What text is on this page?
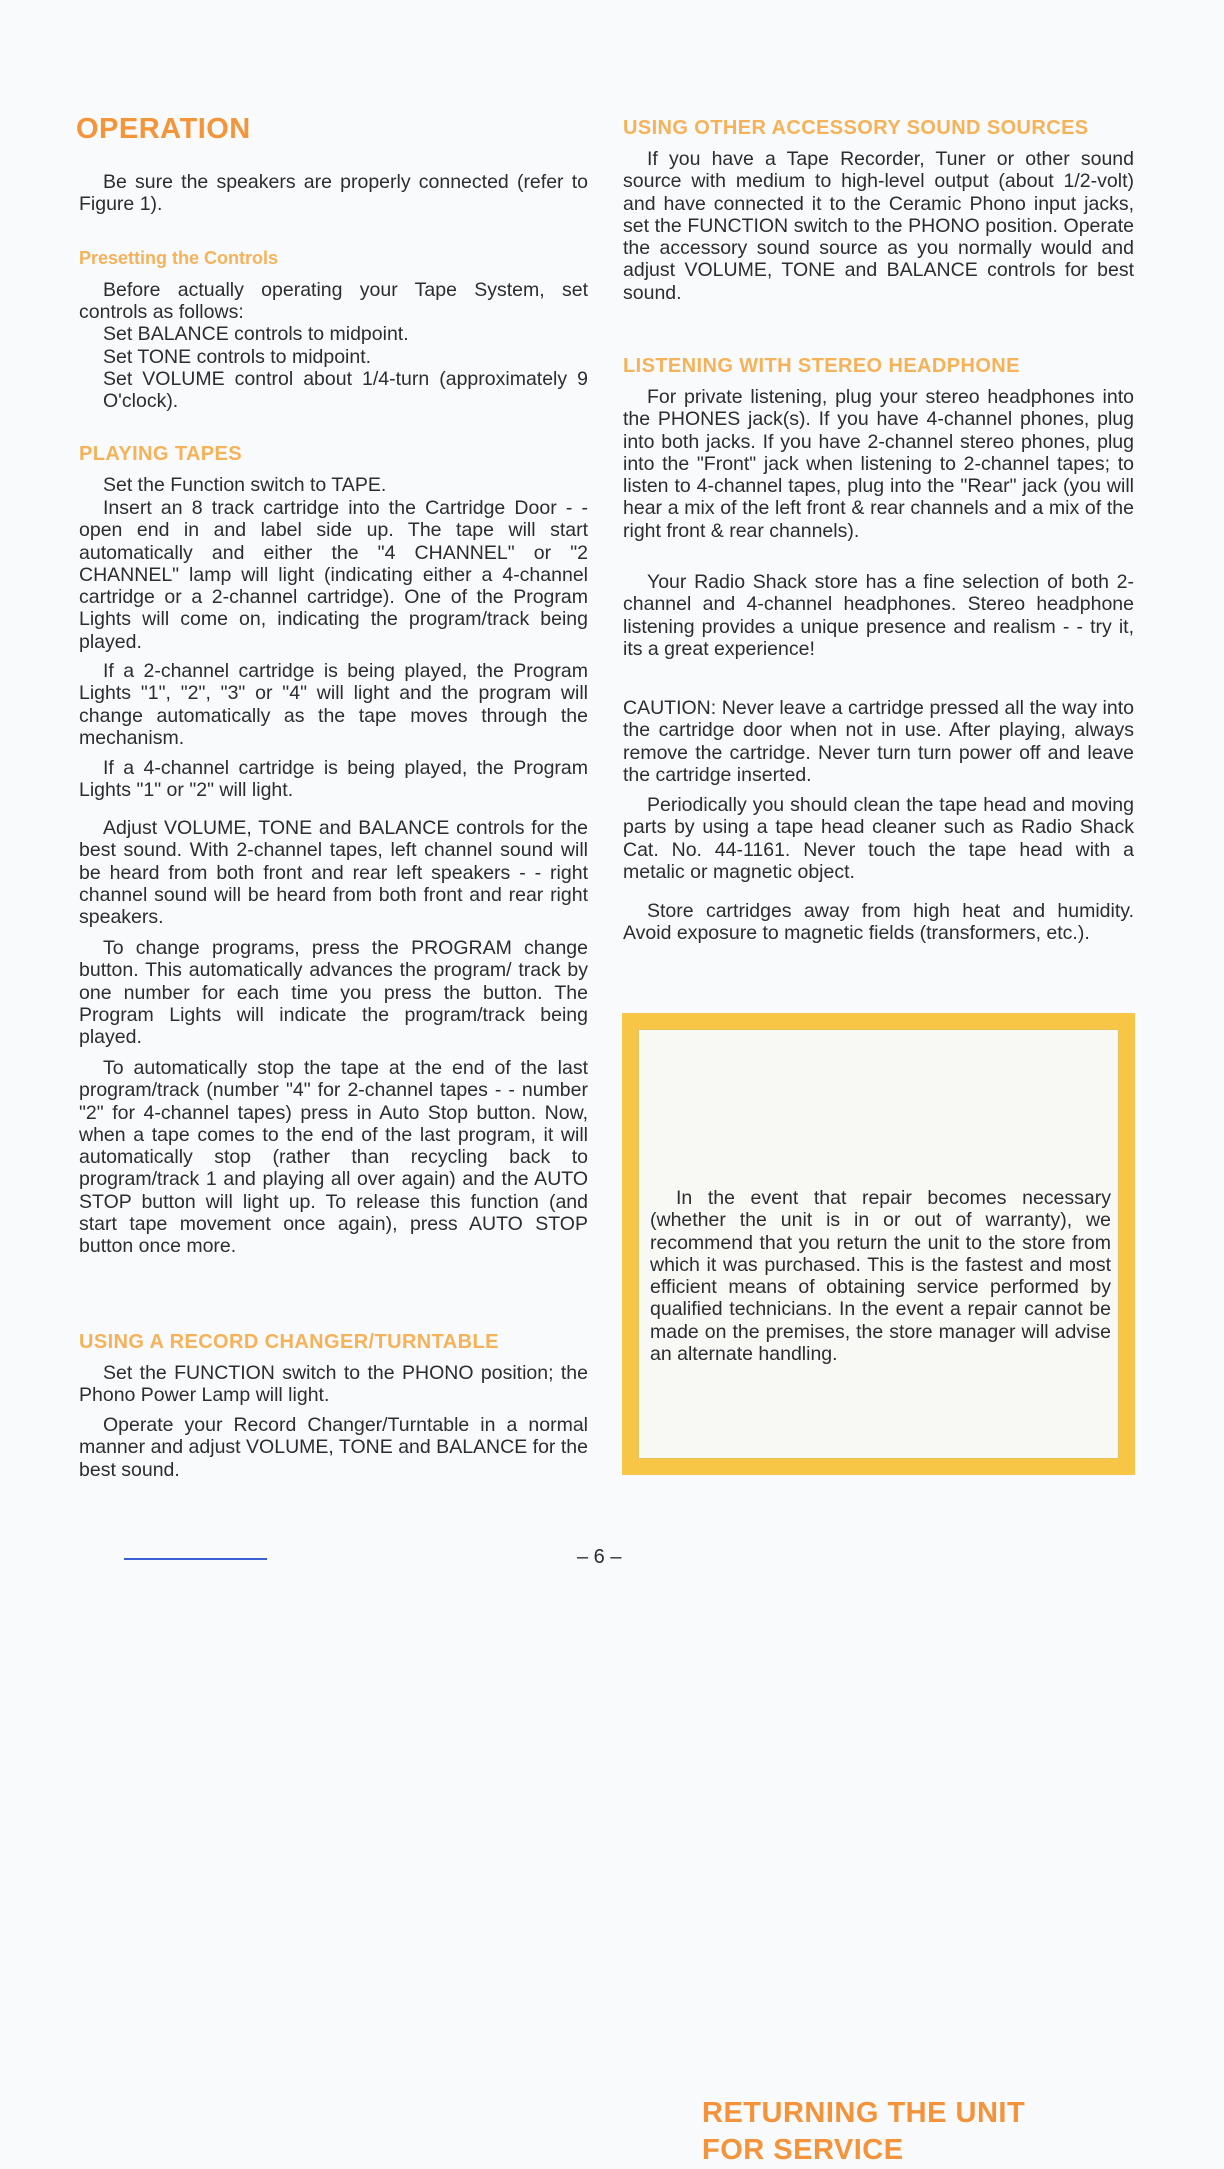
OPERATION

Be sure the speakers are properly connected (refer to Figure 1).

Presetting the Controls

Before actually operating your Tape System, set controls as follows:

Set BALANCE controls to midpoint.

Set TONE controls to midpoint.

Set VOLUME control about 1/4-turn (approximately 9 O'clock).

PLAYING TAPES

Set the Function switch to TAPE.

Insert an 8 track cartridge into the Cartridge Door - - open end in and label side up. The tape will start automatically and either the "4 CHANNEL" or "2 CHANNEL" lamp will light (indicating either a 4-channel cartridge or a 2-channel cartridge). One of the Program Lights will come on, indicating the program/track being played.

If a 2-channel cartridge is being played, the Program Lights "1", "2", "3" or "4" will light and the program will change automatically as the tape moves through the mechanism.

If a 4-channel cartridge is being played, the Program Lights "1" or "2" will light.

Adjust VOLUME, TONE and BALANCE controls for the best sound. With 2-channel tapes, left channel sound will be heard from both front and rear left speakers - - right channel sound will be heard from both front and rear right speakers.

To change programs, press the PROGRAM change button. This automatically advances the program/ track by one number for each time you press the button. The Program Lights will indicate the program/track being played.

To automatically stop the tape at the end of the last program/track (number "4" for 2-channel tapes - - number "2" for 4-channel tapes) press in Auto Stop button. Now, when a tape comes to the end of the last program, it will automatically stop (rather than recycling back to program/track 1 and playing all over again) and the AUTO STOP button will light up. To release this function (and start tape movement once again), press AUTO STOP button once more.

USING A RECORD CHANGER/TURNTABLE

Set the FUNCTION switch to the PHONO position; the Phono Power Lamp will light.

Operate your Record Changer/Turntable in a normal manner and adjust VOLUME, TONE and BALANCE for the best sound.

USING OTHER ACCESSORY SOUND SOURCES

If you have a Tape Recorder, Tuner or other sound source with medium to high-level output (about 1/2-volt) and have connected it to the Ceramic Phono input jacks, set the FUNCTION switch to the PHONO position. Operate the accessory sound source as you normally would and adjust VOLUME, TONE and BALANCE controls for best sound.

LISTENING WITH STEREO HEADPHONE

For private listening, plug your stereo headphones into the PHONES jack(s). If you have 4-channel phones, plug into both jacks. If you have 2-channel stereo phones, plug into the "Front" jack when listening to 2-channel tapes; to listen to 4-channel tapes, plug into the "Rear" jack (you will hear a mix of the left front & rear channels and a mix of the right front & rear channels).

Your Radio Shack store has a fine selection of both 2-channel and 4-channel headphones. Stereo headphone listening provides a unique presence and realism - - try it, its a great experience!

CAUTION: Never leave a cartridge pressed all the way into the cartridge door when not in use. After playing, always remove the cartridge. Never turn turn power off and leave the cartridge inserted.

Periodically you should clean the tape head and moving parts by using a tape head cleaner such as Radio Shack Cat. No. 44-1161. Never touch the tape head with a metalic or magnetic object.

Store cartridges away from high heat and humidity. Avoid exposure to magnetic fields (transformers, etc.).

RETURNING THE UNIT
FOR SERVICE

In the event that repair becomes necessary (whether the unit is in or out of warranty), we recommend that you return the unit to the store from which it was purchased. This is the fastest and most efficient means of obtaining service performed by qualified technicians. In the event a repair cannot be made on the premises, the store manager will advise an alternate handling.

– 6 –
